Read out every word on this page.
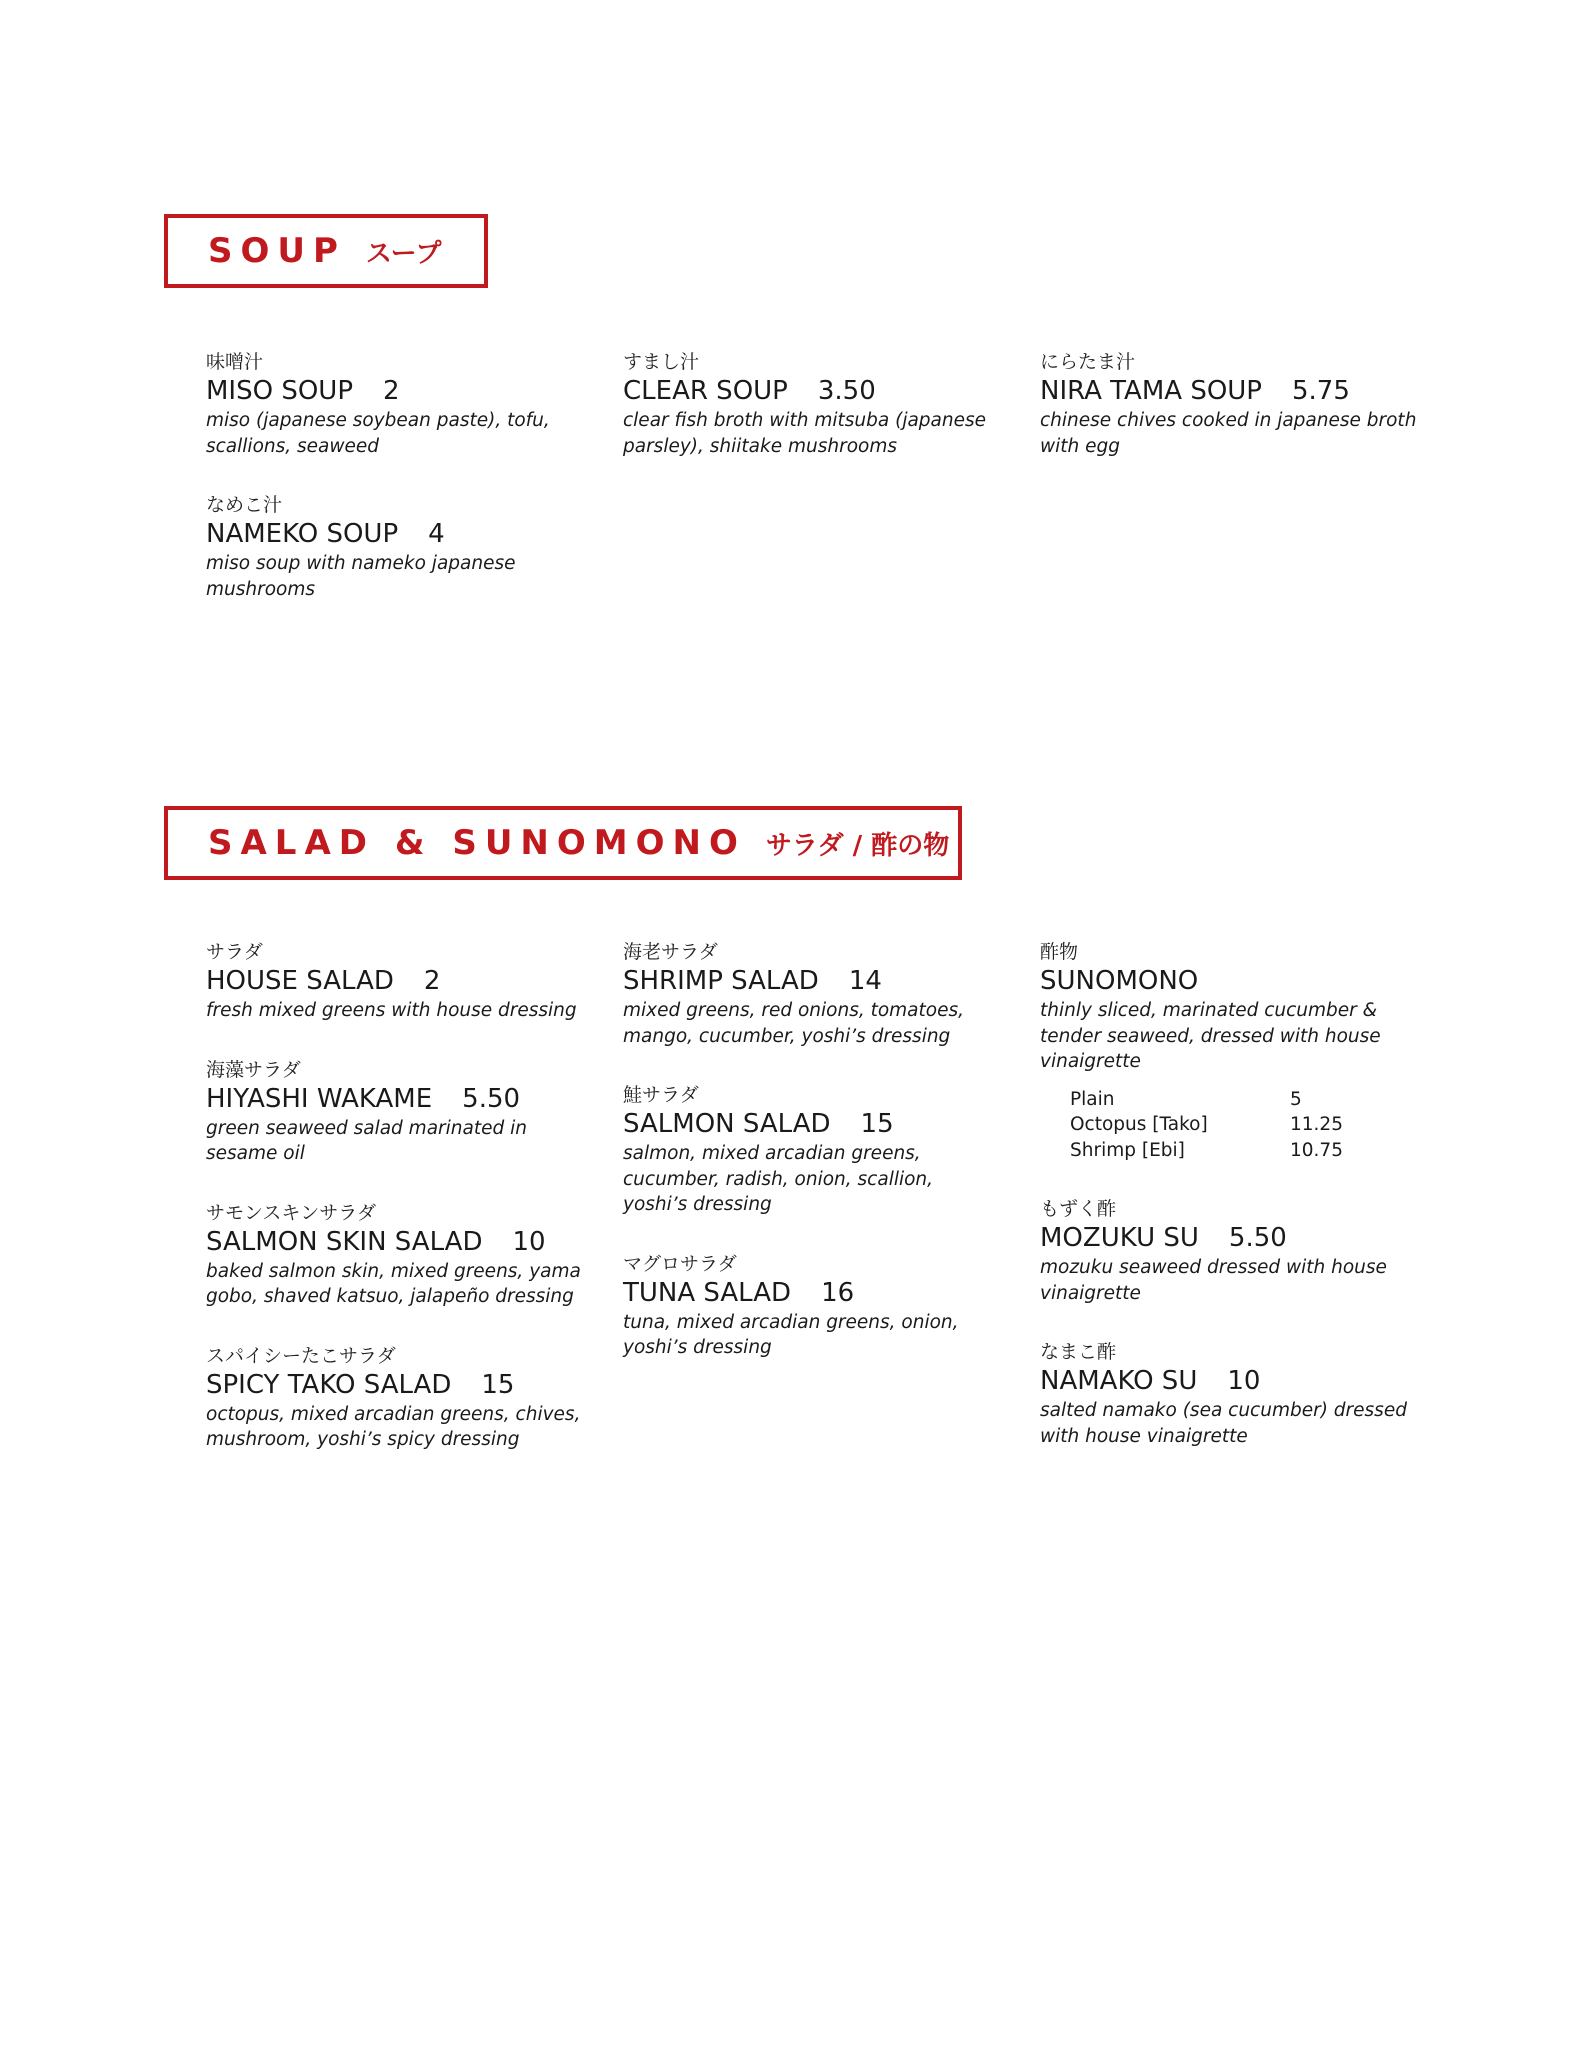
SOUP スープ
味噌汁
MISO SOUP 2
miso (japanese soybean paste), tofu, scallions, seaweed
なめこ汁
NAMEKO SOUP 4
miso soup with nameko japanese mushrooms
すまし汁
CLEAR SOUP 3.50
clear fish broth with mitsuba (japanese parsley), shiitake mushrooms
にらたま汁
NIRA TAMA SOUP 5.75
chinese chives cooked in japanese broth with egg
SALAD & SUNOMONO サラダ / 酢の物
サラダ
HOUSE SALAD 2
fresh mixed greens with house dressing
海藻サラダ
HIYASHI WAKAME 5.50
green seaweed salad marinated in sesame oil
サモンスキンサラダ
SALMON SKIN SALAD 10
baked salmon skin, mixed greens, yama gobo, shaved katsuo, jalapeño dressing
スパイシーたこサラダ
SPICY TAKO SALAD 15
octopus, mixed arcadian greens, chives, mushroom, yoshi’s spicy dressing
海老サラダ
SHRIMP SALAD 14
mixed greens, red onions, tomatoes, mango, cucumber, yoshi’s dressing
鮭サラダ
SALMON SALAD 15
salmon, mixed arcadian greens, cucumber, radish, onion, scallion, yoshi’s dressing
マグロサラダ
TUNA SALAD 16
tuna, mixed arcadian greens, onion, yoshi’s dressing
酢物
SUNOMONO
thinly sliced, marinated cucumber & tender seaweed, dressed with house vinaigrette
Plain	5
Octopus [Tako]	11.25
Shrimp [Ebi]	10.75
もずく酢
MOZUKU SU 5.50
mozuku seaweed dressed with house vinaigrette
なまこ酢
NAMAKO SU 10
salted namako (sea cucumber) dressed with house vinaigrette
